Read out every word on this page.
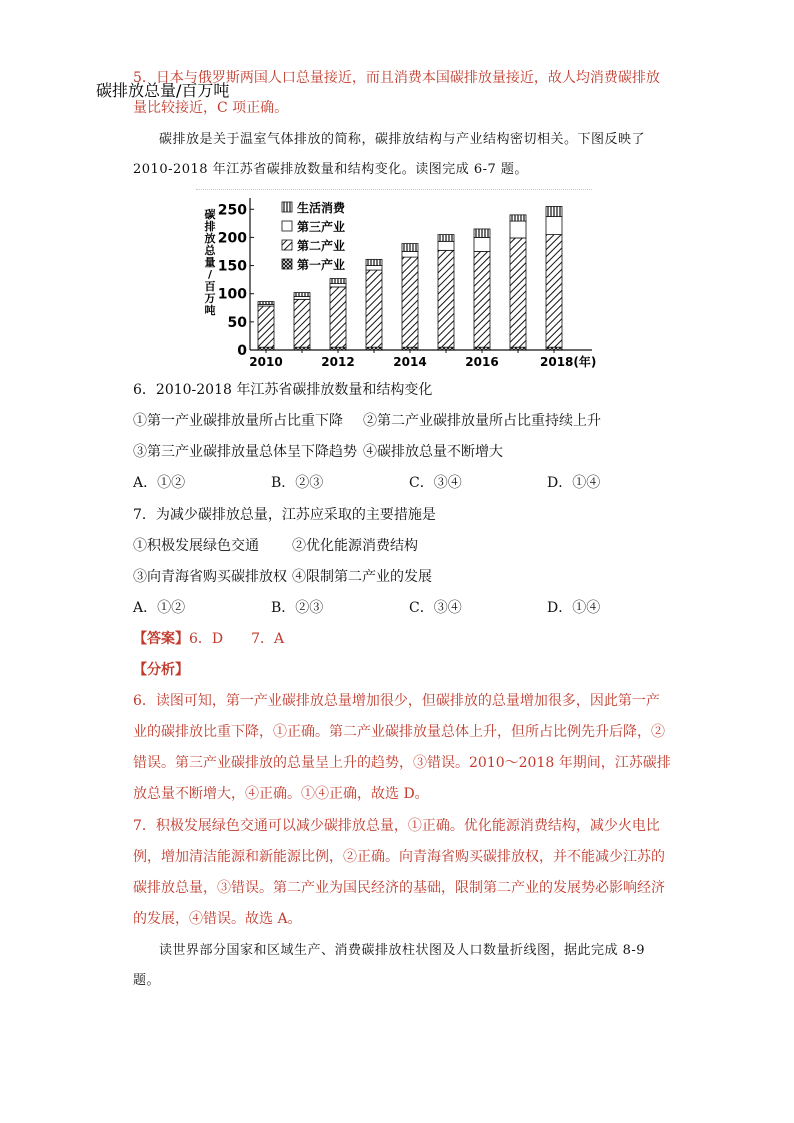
5．日本与俄罗斯两国人口总量接近，而且消费本国碳排放量接近，故人均消费碳排放
量比较接近，C 项正确。
碳排放是关于温室气体排放的简称，碳排放结构与产业结构密切相关。下图反映了
2010-2018 年江苏省碳排放数量和结构变化。读图完成 6-7 题。
碳排放总量/百万吨
碳
排
放
总
量
/
百
万
吨
0
50
100
150
200
250
2010	2012	2014	2016	2018(年)
生活消费
第三产业
第二产业
第一产业
6．2010-2018 年江苏省碳排放数量和结构变化
①第一产业碳排放量所占比重下降 ②第二产业碳排放量所占比重持续上升
③第三产业碳排放量总体呈下降趋势 ④碳排放总量不断增大
A．①②	B．②③	C．③④	D．①④
7．为减少碳排放总量，江苏应采取的主要措施是
①积极发展绿色交通 ②优化能源消费结构
③向青海省购买碳排放权 ④限制第二产业的发展
A．①②	B．②③	C．③④	D．①④
【答案】6．D　　7．A
【分析】
6．读图可知，第一产业碳排放总量增加很少，但碳排放的总量增加很多，因此第一产
业的碳排放比重下降，①正确。第二产业碳排放量总体上升，但所占比例先升后降，②
错误。第三产业碳排放的总量呈上升的趋势，③错误。2010～2018 年期间，江苏碳排
放总量不断增大，④正确。①④正确，故选 D。
7．积极发展绿色交通可以减少碳排放总量，①正确。优化能源消费结构，减少火电比
例，增加清洁能源和新能源比例，②正确。向青海省购买碳排放权，并不能减少江苏的
碳排放总量，③错误。第二产业为国民经济的基础，限制第二产业的发展势必影响经济
的发展，④错误。故选 A。
读世界部分国家和区域生产、消费碳排放柱状图及人口数量折线图，据此完成 8-9
题。
